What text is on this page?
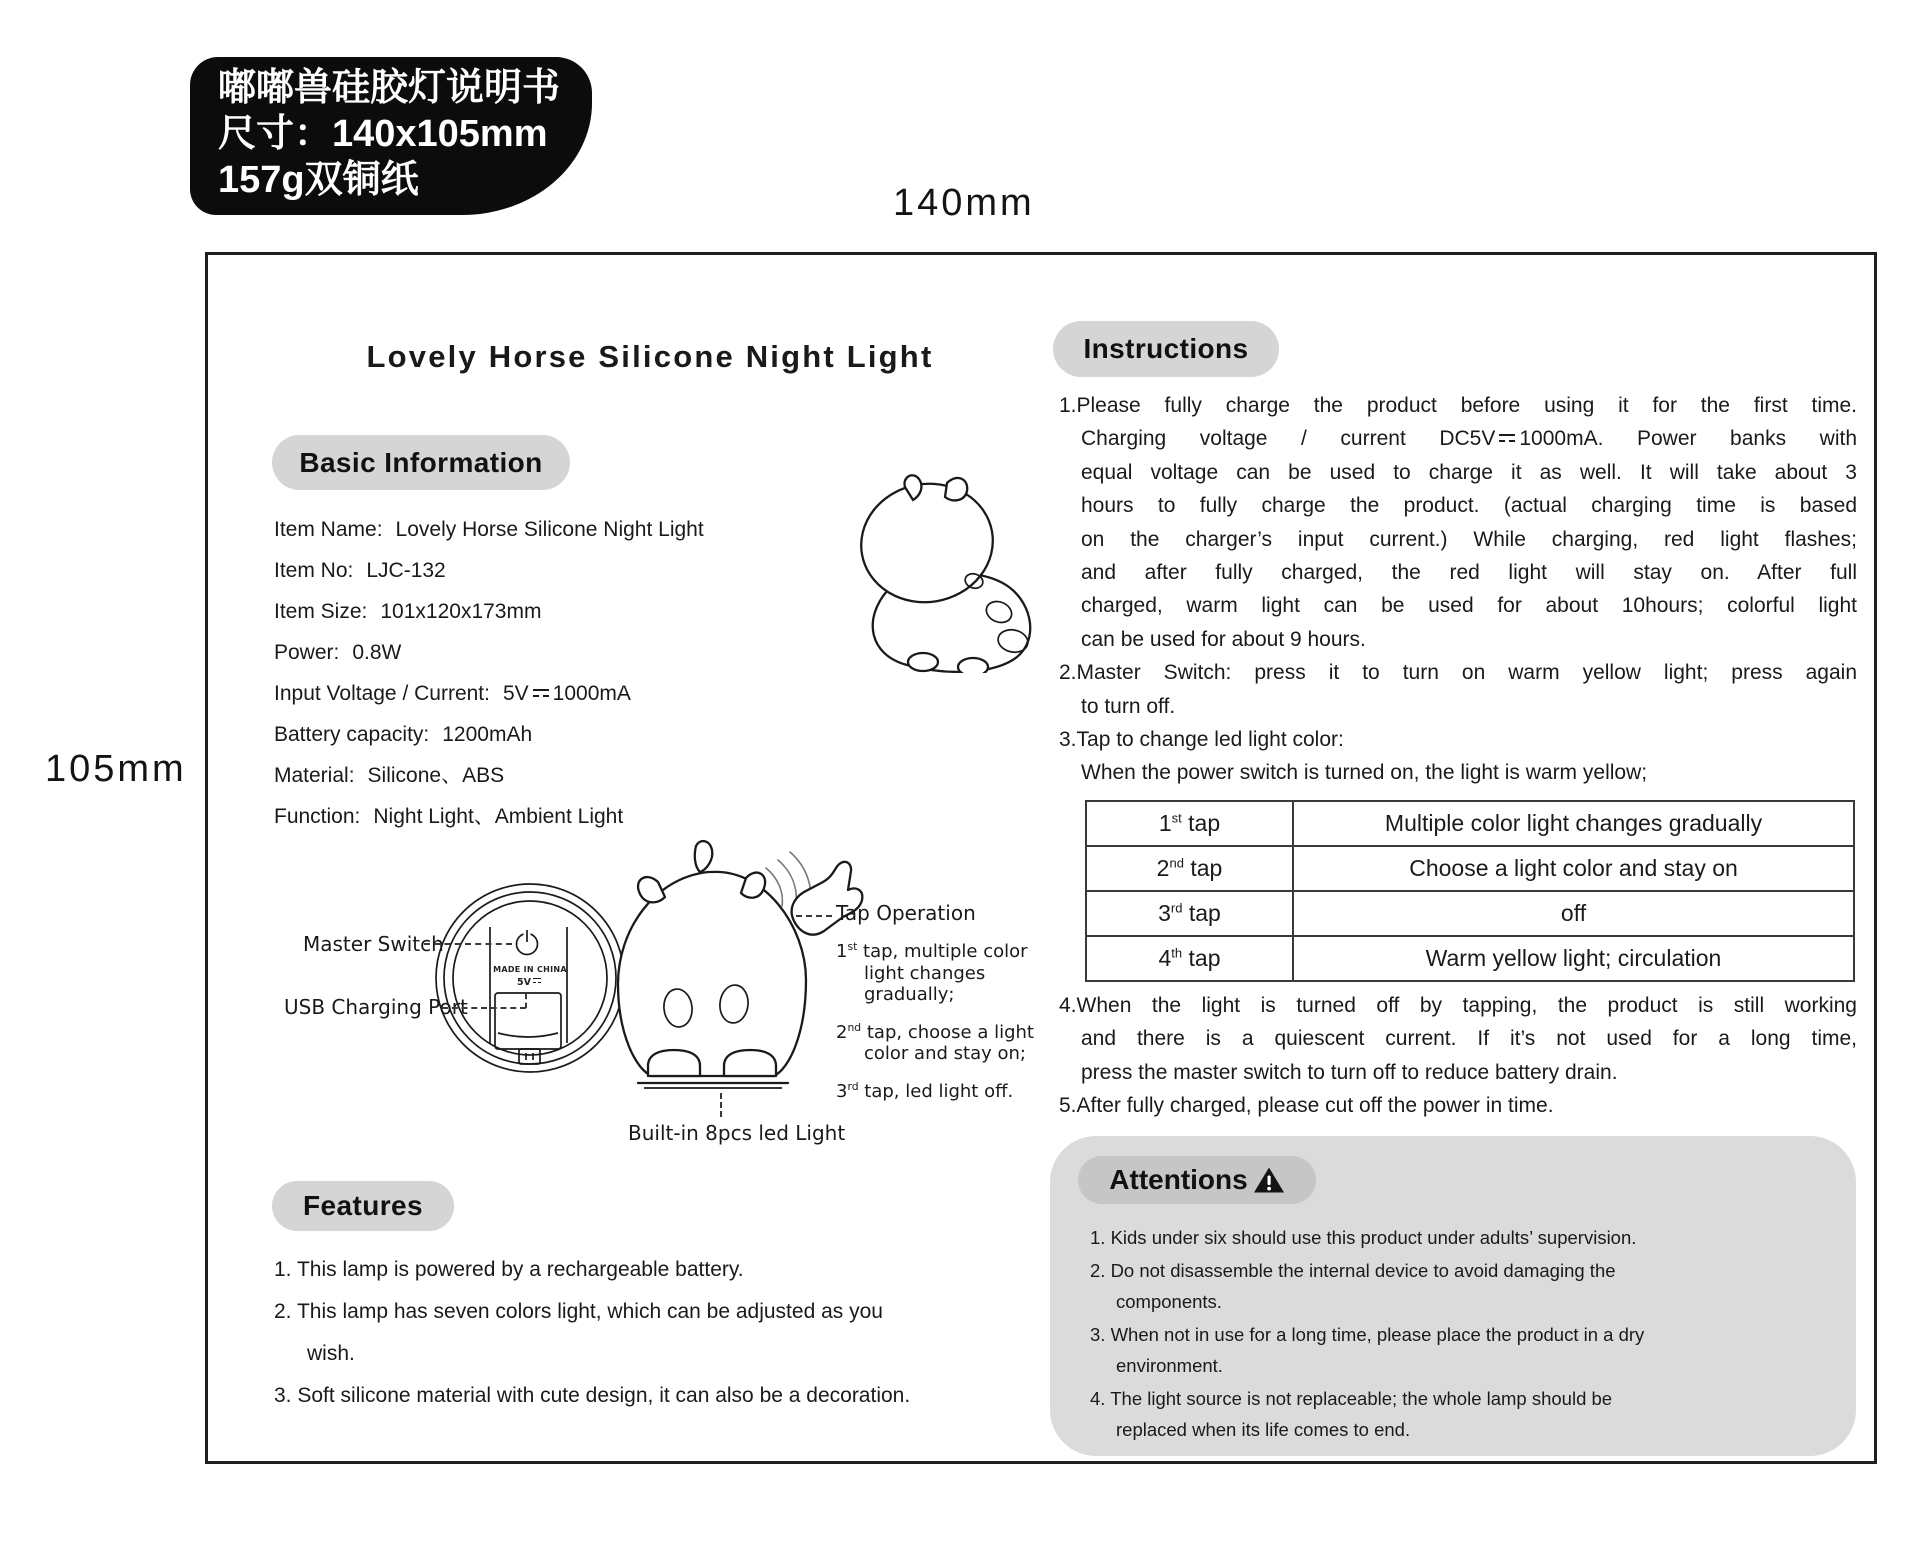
嘟嘟兽硅胶灯说明书
尺寸：140x105mm
157g双铜纸
140mm
105mm
Lovely Horse Silicone Night Light
Basic Information
Item Name: Lovely Horse Silicone Night Light
Item No: LJC-132
Item Size: 101x120x173mm
Power: 0.8W
Input Voltage / Current: 5V 1000mA
Battery capacity: 1200mAh
Material: Silicone、ABS
Function: Night Light、Ambient Light
MADE IN CHINA
5V
Master Switch
USB Charging Port
Tap Operation
1st tap, multiple color
light changes
gradually;
2nd tap, choose a light
color and stay on;
3rd tap, led light off.
Built-in 8pcs led Light
Features
1. This lamp is powered by a rechargeable battery.
2. This lamp has seven colors light, which can be adjusted as you
wish.
3. Soft silicone material with cute design, it can also be a decoration.
Instructions
1.Please fully charge the product before using it for the first time.
Charging voltage / current DC5V 1000mA. Power banks with
equal voltage can be used to charge it as well. It will take about 3
hours to fully charge the product. (actual charging time is based
on the charger’s input current.) While charging, red light flashes;
and after fully charged, the red light will stay on. After full
charged, warm light can be used for about 10hours; colorful light
can be used for about 9 hours.
2.Master Switch: press it to turn on warm yellow light; press again
to turn off.
3.Tap to change led light color:
When the power switch is turned on, the light is warm yellow;
1st tap	Multiple color light changes gradually
2nd tap	Choose a light color and stay on
3rd tap	off
4th tap	Warm yellow light; circulation
4.When the light is turned off by tapping, the product is still working
and there is a quiescent current. If it’s not used for a long time,
press the master switch to turn off to reduce battery drain.
5.After fully charged, please cut off the power in time.
Attentions
1. Kids under six should use this product under adults’ supervision.
2. Do not disassemble the internal device to avoid damaging the
components.
3. When not in use for a long time, please place the product in a dry
environment.
4. The light source is not replaceable; the whole lamp should be
replaced when its life comes to end.
